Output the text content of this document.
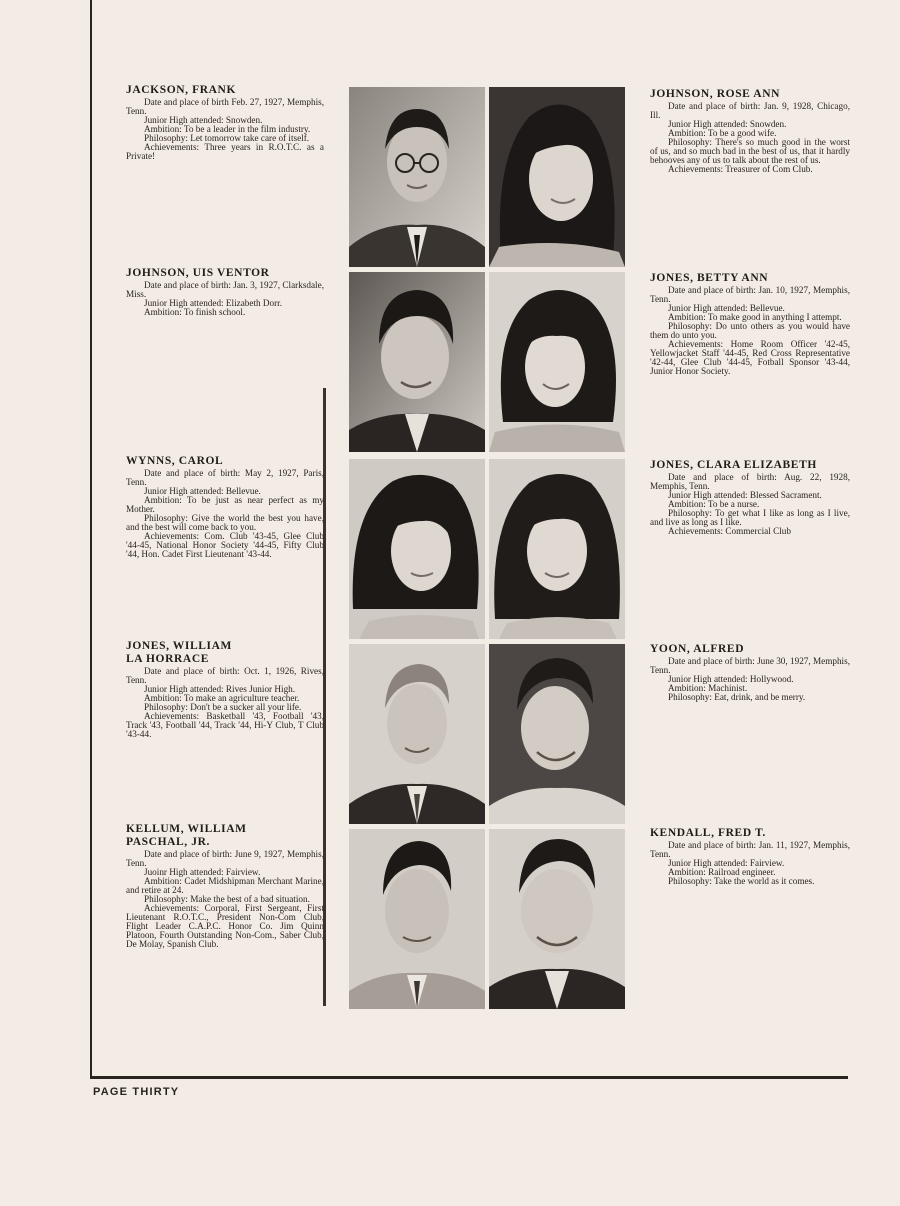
JACKSON, FRANK

Date and place of birth Feb. 27, 1927, Memphis, Tenn.

Junior High attended: Snowden.

Ambition: To be a leader in the film industry.

Philosophy: Let tomorrow take care of itself.

Achievements: Three years in R.O.T.C. as a Private!

JOHNSON, UIS VENTOR

Date and place of birth: Jan. 3, 1927, Clarksdale, Miss.

Junior High attended: Elizabeth Dorr.

Ambition: To finish school.

WYNNS, CAROL

Date and place of birth: May 2, 1927, Paris, Tenn.

Junior High attended: Bellevue.

Ambition: To be just as near perfect as my Mother.

Philosophy: Give the world the best you have, and the best will come back to you.

Achievements: Com. Club '43-45, Glee Club '44-45, National Honor Society '44-45, Fifty Club '44, Hon. Cadet First Lieutenant '43-44.

JONES, WILLIAM
LA HORRACE

Date and place of birth: Oct. 1, 1926, Rives, Tenn.

Junior High attended: Rives Junior High.

Ambition: To make an agriculture teacher.

Philosophy: Don't be a sucker all your life.

Achievements: Basketball '43, Football '43, Track '43, Football '44, Track '44, Hi-Y Club, T Club '43-44.

KELLUM, WILLIAM
PASCHAL, JR.

Date and place of birth: June 9, 1927, Memphis, Tenn.

Juoinr High attended: Fairview.

Ambition: Cadet Midshipman Merchant Marine, and retire at 24.

Philosophy: Make the best of a bad situation.

Achievements: Corporal, First Sergeant, First Lieutenant R.O.T.C., President Non-Com Club, Flight Leader C.A.P.C. Honor Co. Jim Quinn Platoon, Fourth Outstanding Non-Com., Saber Club, De Molay, Spanish Club.

JOHNSON, ROSE ANN

Date and place of birth: Jan. 9, 1928, Chicago, Ill.

Junior High attended: Snowden.

Ambition: To be a good wife.

Philosophy: There's so much good in the worst of us, and so much bad in the best of us, that it hardly behooves any of us to talk about the rest of us.

Achievements: Treasurer of Com Club.

JONES, BETTY ANN

Date and place of birth: Jan. 10, 1927, Memphis, Tenn.

Junior High attended: Bellevue.

Ambition: To make good in anything I attempt.

Philosophy: Do unto others as you would have them do unto you.

Achievements: Home Room Officer '42-45, Yellowjacket Staff '44-45, Red Cross Representative '42-44, Glee Club '44-45, Fotball Sponsor '43-44, Junior Honor Society.

JONES, CLARA ELIZABETH

Date and place of birth: Aug. 22, 1928, Memphis, Tenn.

Junior High attended: Blessed Sacrament.

Ambition: To be a nurse.

Philosophy: To get what I like as long as I live, and live as long as I like.

Achievements: Commercial Club

YOON, ALFRED

Date and place of birth: June 30, 1927, Memphis, Tenn.

Junior High attended: Hollywood.

Ambition: Machinist.

Philosophy: Eat, drink, and be merry.

KENDALL, FRED T.

Date and place of birth: Jan. 11, 1927, Memphis, Tenn.

Junior High attended: Fairview.

Ambition: Railroad engineer.

Philosophy: Take the world as it comes.

PAGE THIRTY
